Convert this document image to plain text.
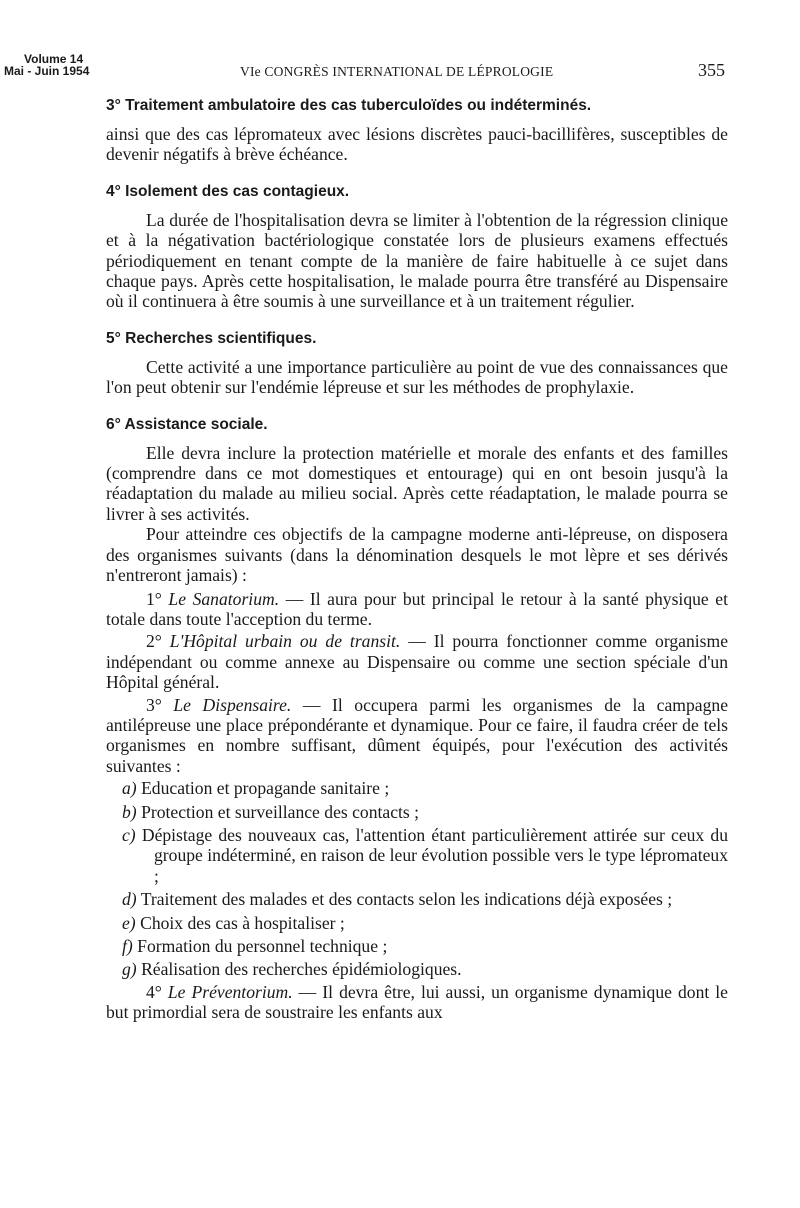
Volume 14
Mai - Juin 1954	VIe CONGRÈS INTERNATIONAL DE LÉPROLOGIE	355

3° Traitement ambulatoire des cas tuberculoïdes ou indéterminés.

ainsi que des cas lépromateux avec lésions discrètes pauci-bacillifères, susceptibles de devenir négatifs à brève échéance.

4° Isolement des cas contagieux.

La durée de l'hospitalisation devra se limiter à l'obtention de la régression clinique et à la négativation bactériologique constatée lors de plusieurs examens effectués périodiquement en tenant compte de la manière de faire habituelle à ce sujet dans chaque pays. Après cette hospitalisation, le malade pourra être transféré au Dispensaire où il continuera à être soumis à une surveillance et à un traitement régulier.

5° Recherches scientifiques.

Cette activité a une importance particulière au point de vue des connaissances que l'on peut obtenir sur l'endémie lépreuse et sur les méthodes de prophylaxie.

6° Assistance sociale.

Elle devra inclure la protection matérielle et morale des enfants et des familles (comprendre dans ce mot domestiques et entourage) qui en ont besoin jusqu'à la réadaptation du malade au milieu social. Après cette réadaptation, le malade pourra se livrer à ses activités.

Pour atteindre ces objectifs de la campagne moderne anti-lépreuse, on disposera des organismes suivants (dans la dénomination desquels le mot lèpre et ses dérivés n'entreront jamais) :

1° Le Sanatorium. — Il aura pour but principal le retour à la santé physique et totale dans toute l'acception du terme.

2° L'Hôpital urbain ou de transit. — Il pourra fonctionner comme organisme indépendant ou comme annexe au Dispensaire ou comme une section spéciale d'un Hôpital général.

3° Le Dispensaire. — Il occupera parmi les organismes de la campagne antilépreuse une place prépondérante et dynamique. Pour ce faire, il faudra créer de tels organismes en nombre suffisant, dûment équipés, pour l'exécution des activités suivantes :

a) Education et propagande sanitaire ;

b) Protection et surveillance des contacts ;

c) Dépistage des nouveaux cas, l'attention étant particulièrement attirée sur ceux du groupe indéterminé, en raison de leur évolution possible vers le type lépromateux ;

d) Traitement des malades et des contacts selon les indications déjà exposées ;

e) Choix des cas à hospitaliser ;

f) Formation du personnel technique ;

g) Réalisation des recherches épidémiologiques.

4° Le Préventorium. — Il devra être, lui aussi, un organisme dynamique dont le but primordial sera de soustraire les enfants aux
